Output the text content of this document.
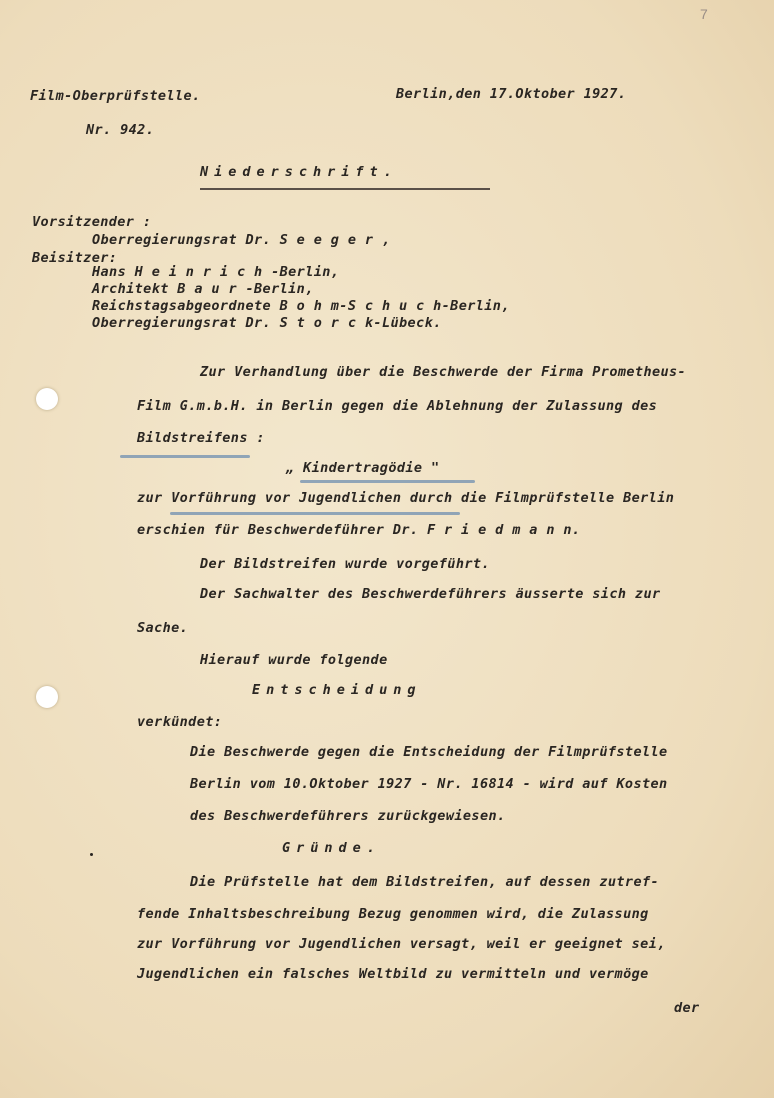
7
Film-Oberprüfstelle.	Berlin,den 17.Oktober 1927.
Nr. 942.
Niederschrift.
Vorsitzender :
Oberregierungsrat Dr. S e e g e r ,
Beisitzer:
Hans H e i n r i c h -Berlin,
Architekt B a u r -Berlin,
Reichstagsabgeordnete B o h m-S c h u c h-Berlin,
Oberregierungsrat Dr. S t o r c k-Lübeck.
Zur Verhandlung über die Beschwerde der Firma Prometheus-
Film G.m.b.H. in Berlin gegen die Ablehnung der Zulassung des
Bildstreifens :
„ Kindertragödie "
zur Vorführung vor Jugendlichen durch die Filmprüfstelle Berlin
erschien für Beschwerdeführer Dr. F r i e d m a n n.
Der Bildstreifen wurde vorgeführt.
Der Sachwalter des Beschwerdeführers äusserte sich zur
Sache.
Hierauf wurde folgende
Entscheidung
verkündet:
Die Beschwerde gegen die Entscheidung der Filmprüfstelle
Berlin vom 10.Oktober 1927 - Nr. 16814 - wird auf Kosten
des Beschwerdeführers zurückgewiesen.
Gründe.
Die Prüfstelle hat dem Bildstreifen, auf dessen zutref-
fende Inhaltsbeschreibung Bezug genommen wird, die Zulassung
zur Vorführung vor Jugendlichen versagt, weil er geeignet sei,
Jugendlichen ein falsches Weltbild zu vermitteln und vermöge
der
